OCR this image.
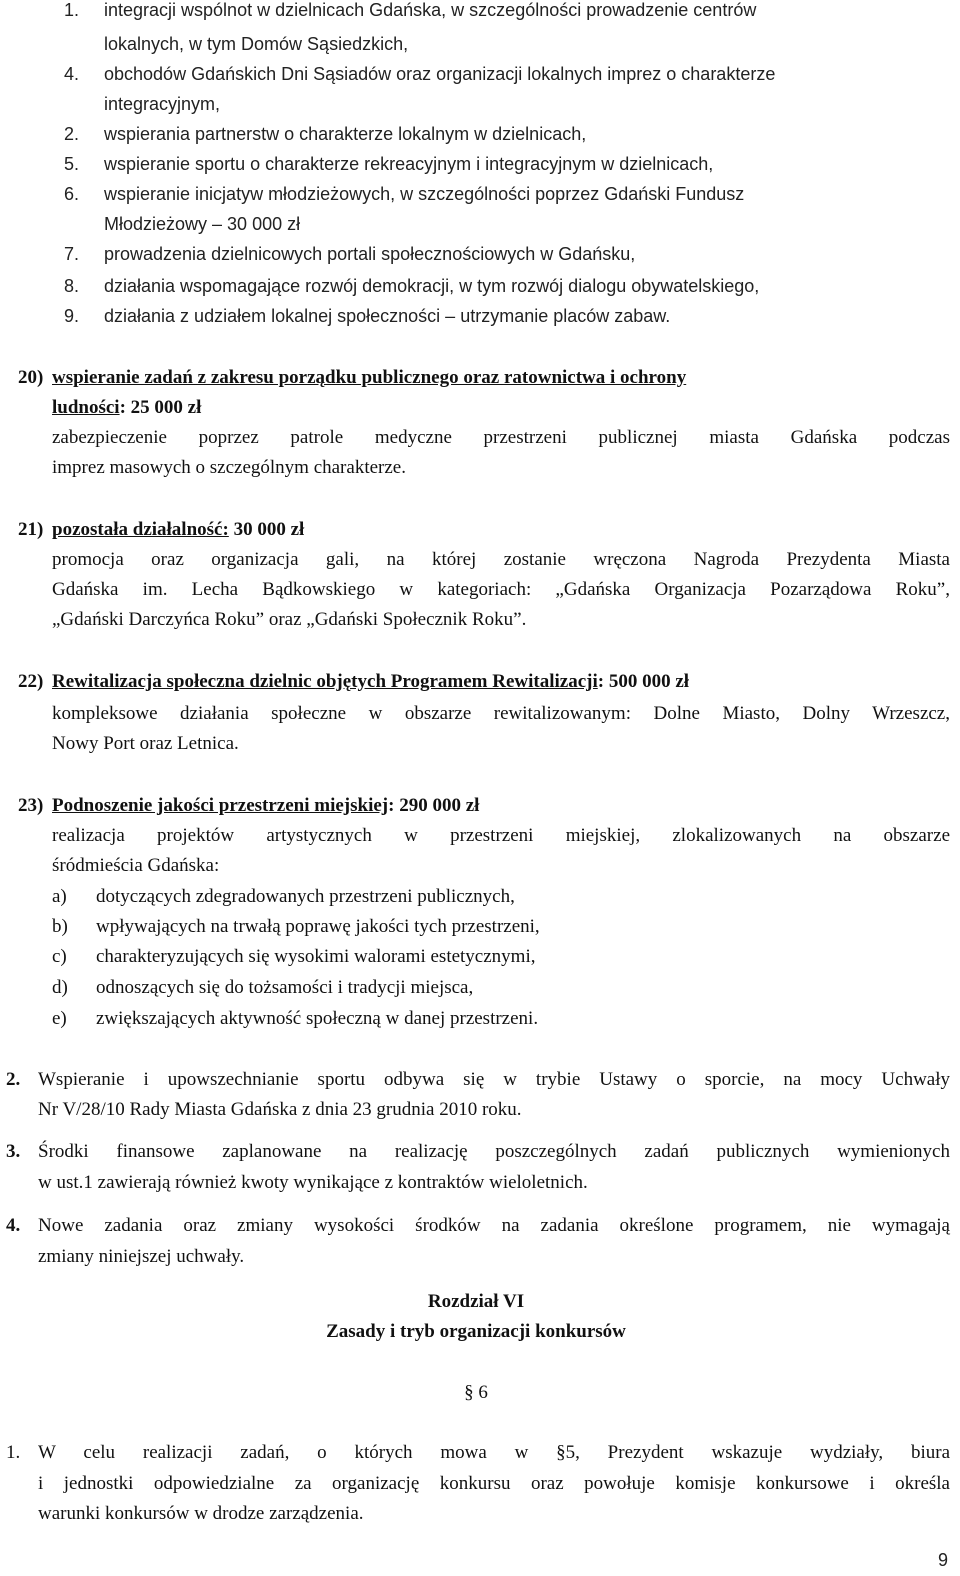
1. integracji wspólnot w dzielnicach Gdańska, w szczególności prowadzenie centrów
lokalnych, w tym Domów Sąsiedzkich,
4. obchodów Gdańskich Dni Sąsiadów oraz organizacji lokalnych imprez o charakterze
integracyjnym,
2. wspierania partnerstw o charakterze lokalnym w dzielnicach,
5. wspieranie sportu o charakterze rekreacyjnym i integracyjnym w dzielnicach,
6. wspieranie inicjatyw młodzieżowych, w szczególności poprzez Gdański Fundusz
Młodzieżowy – 30 000 zł
7. prowadzenia dzielnicowych portali społecznościowych w Gdańsku,
8. działania wspomagające rozwój demokracji, w tym rozwój dialogu obywatelskiego,
9. działania z udziałem lokalnej społeczności – utrzymanie placów zabaw.
20) wspieranie zadań z zakresu porządku publicznego oraz ratownictwa i ochrony
ludności: 25 000 zł
zabezpieczenie poprzez patrole medyczne przestrzeni publicznej miasta Gdańska podczas
imprez masowych o szczególnym charakterze.
21) pozostała działalność: 30 000 zł
promocja oraz organizacja gali, na której zostanie wręczona Nagroda Prezydenta Miasta
Gdańska im. Lecha Bądkowskiego w kategoriach: „Gdańska Organizacja Pozarządowa Roku”,
„Gdański Darczyńca Roku” oraz „Gdański Społecznik Roku”.
22) Rewitalizacja społeczna dzielnic objętych Programem Rewitalizacji: 500 000 zł
kompleksowe działania społeczne w obszarze rewitalizowanym: Dolne Miasto, Dolny Wrzeszcz,
Nowy Port oraz Letnica.
23) Podnoszenie jakości przestrzeni miejskiej: 290 000 zł
realizacja projektów artystycznych w przestrzeni miejskiej, zlokalizowanych na obszarze
śródmieścia Gdańska:
a) dotyczących zdegradowanych przestrzeni publicznych,
b) wpływających na trwałą poprawę jakości tych przestrzeni,
c) charakteryzujących się wysokimi walorami estetycznymi,
d) odnoszących się do tożsamości i tradycji miejsca,
e) zwiększających aktywność społeczną w danej przestrzeni.
2. Wspieranie i upowszechnianie sportu odbywa się w trybie Ustawy o sporcie, na mocy Uchwały
Nr V/28/10 Rady Miasta Gdańska z dnia 23 grudnia 2010 roku.
3. Środki finansowe zaplanowane na realizację poszczególnych zadań publicznych wymienionych
w ust.1 zawierają również kwoty wynikające z kontraktów wieloletnich.
4. Nowe zadania oraz zmiany wysokości środków na zadania określone programem, nie wymagają
zmiany niniejszej uchwały.
Rozdział VI
Zasady i tryb organizacji konkursów
§ 6
1. W celu realizacji zadań, o których mowa w §5, Prezydent wskazuje wydziały, biura
i jednostki odpowiedzialne za organizację konkursu oraz powołuje komisje konkursowe i określa
warunki konkursów w drodze zarządzenia.
9
